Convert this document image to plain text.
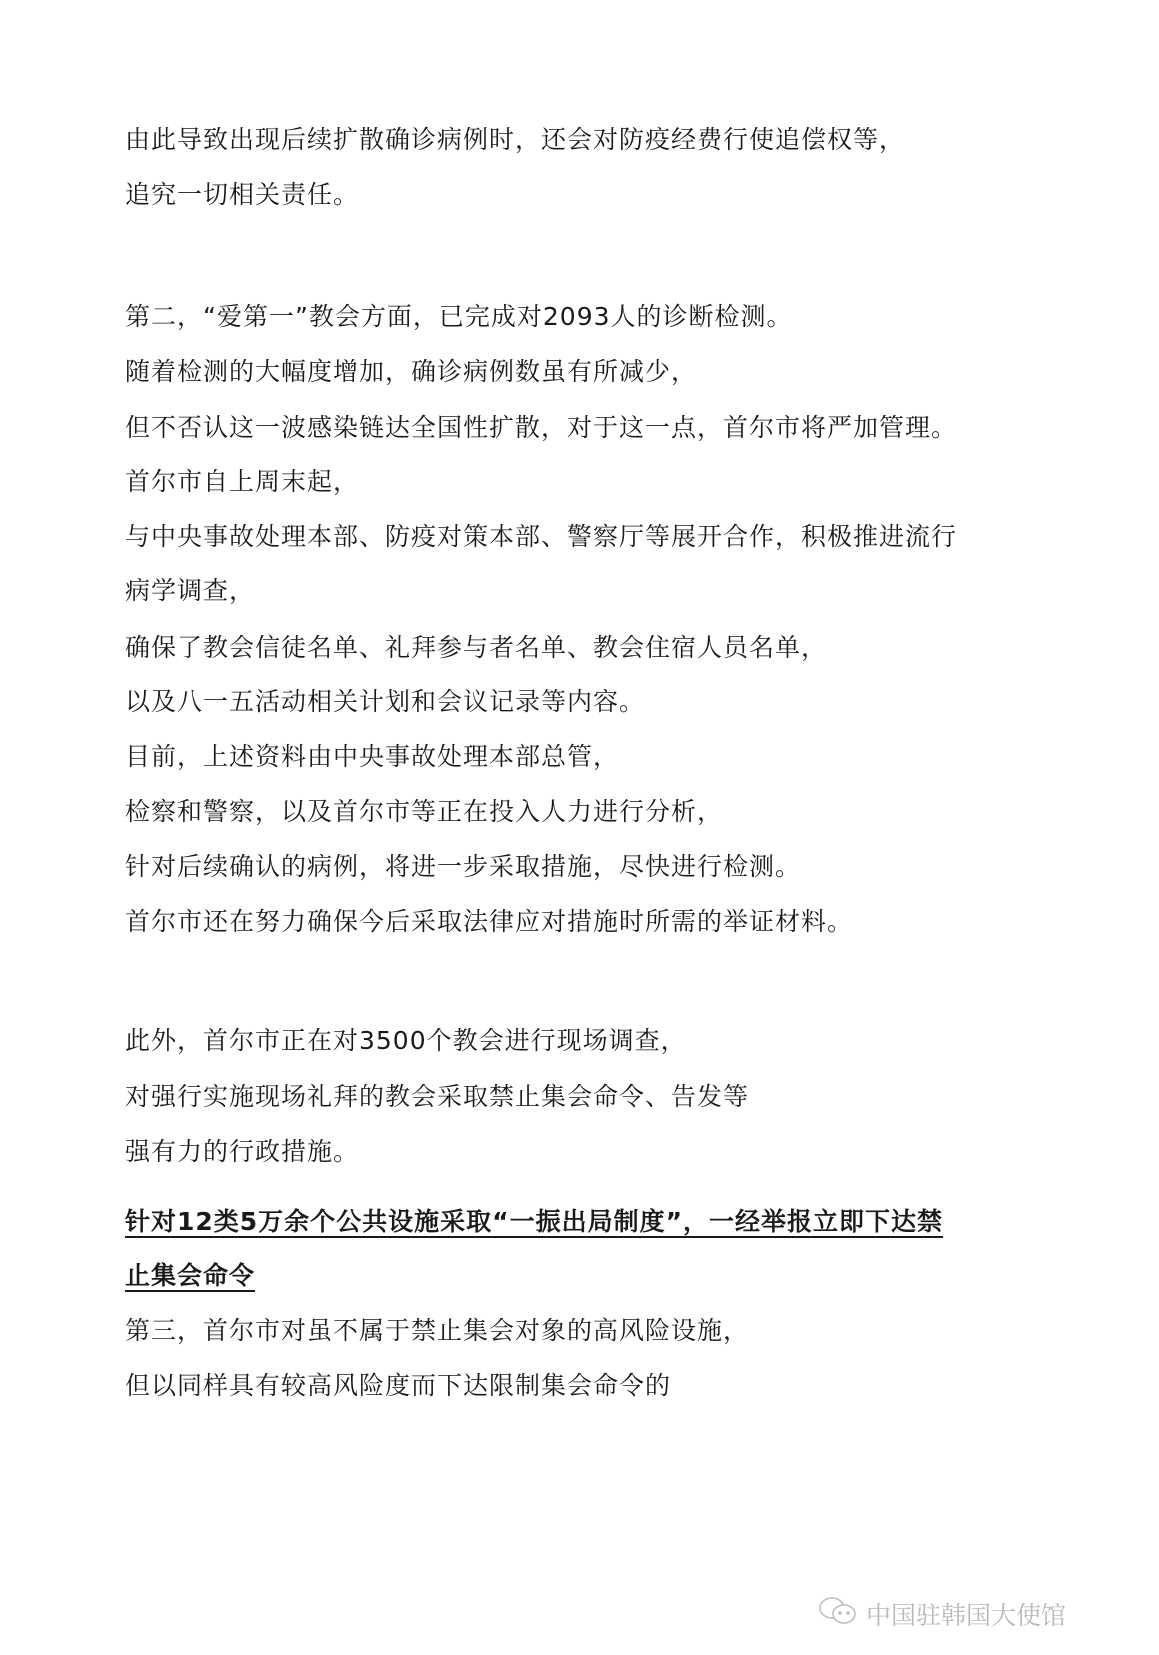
由此导致出现后续扩散确诊病例时，还会对防疫经费行使追偿权等，
追究一切相关责任。
第二，“爱第一”教会方面，已完成对2093人的诊断检测。
随着检测的大幅度增加，确诊病例数虽有所减少，
但不否认这一波感染链达全国性扩散，对于这一点，首尔市将严加管理。
首尔市自上周末起，
与中央事故处理本部、防疫对策本部、警察厅等展开合作，积极推进流行
病学调查，
确保了教会信徒名单、礼拜参与者名单、教会住宿人员名单，
以及八一五活动相关计划和会议记录等内容。
目前，上述资料由中央事故处理本部总管，
检察和警察，以及首尔市等正在投入人力进行分析，
针对后续确认的病例，将进一步采取措施，尽快进行检测。
首尔市还在努力确保今后采取法律应对措施时所需的举证材料。
此外，首尔市正在对3500个教会进行现场调查，
对强行实施现场礼拜的教会采取禁止集会命令、告发等
强有力的行政措施。
针对12类5万余个公共设施采取“一振出局制度”，一经举报立即下达禁
止集会命令
第三，首尔市对虽不属于禁止集会对象的高风险设施，
但以同样具有较高风险度而下达限制集会命令的
中国驻韩国大使馆
